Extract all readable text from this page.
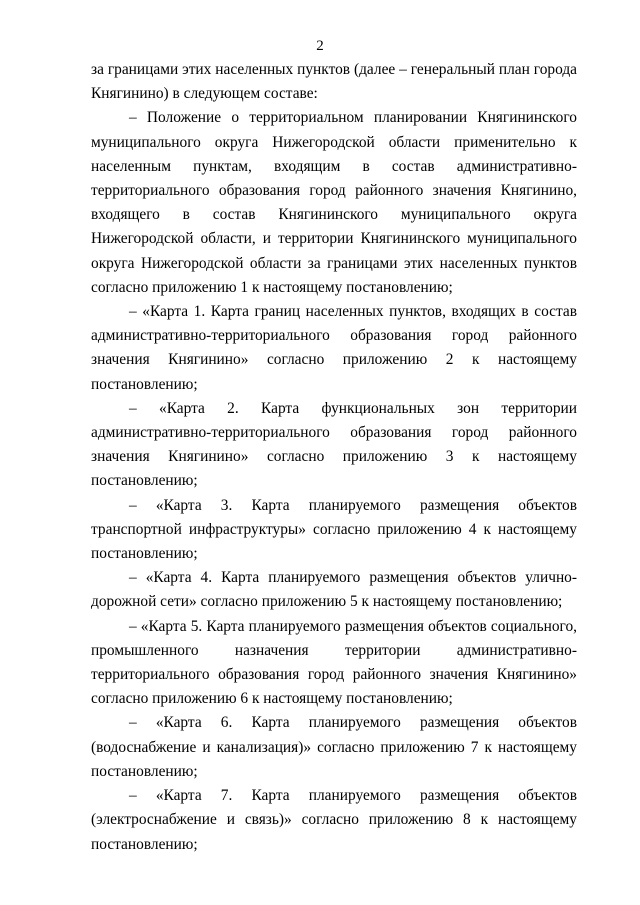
2

за границами этих населенных пунктов (далее – генеральный план города Княгинино) в следующем составе:

– Положение о территориальном планировании Княгининского муниципального округа Нижегородской области применительно к населенным пунктам, входящим в состав административно-территориального образования город районного значения Княгинино, входящего в состав Княгининского муниципального округа Нижегородской области, и территории Княгининского муниципального округа Нижегородской области за границами этих населенных пунктов согласно приложению 1 к настоящему постановлению;

– «Карта 1. Карта границ населенных пунктов, входящих в состав административно-территориального образования город районного значения Княгинино» согласно приложению 2 к настоящему постановлению;

– «Карта 2. Карта функциональных зон территории административно-территориального образования город районного значения Княгинино» согласно приложению 3 к настоящему постановлению;

– «Карта 3. Карта планируемого размещения объектов транспортной инфраструктуры» согласно приложению 4 к настоящему постановлению;

– «Карта 4. Карта планируемого размещения объектов улично-дорожной сети» согласно приложению 5 к настоящему постановлению;

– «Карта 5. Карта планируемого размещения объектов социального, промышленного назначения территории административно-территориального образования город районного значения Княгинино» согласно приложению 6 к настоящему постановлению;

– «Карта 6. Карта планируемого размещения объектов (водоснабжение и канализация)» согласно приложению 7 к настоящему постановлению;

– «Карта 7. Карта планируемого размещения объектов (электроснабжение и связь)» согласно приложению 8 к настоящему постановлению;
